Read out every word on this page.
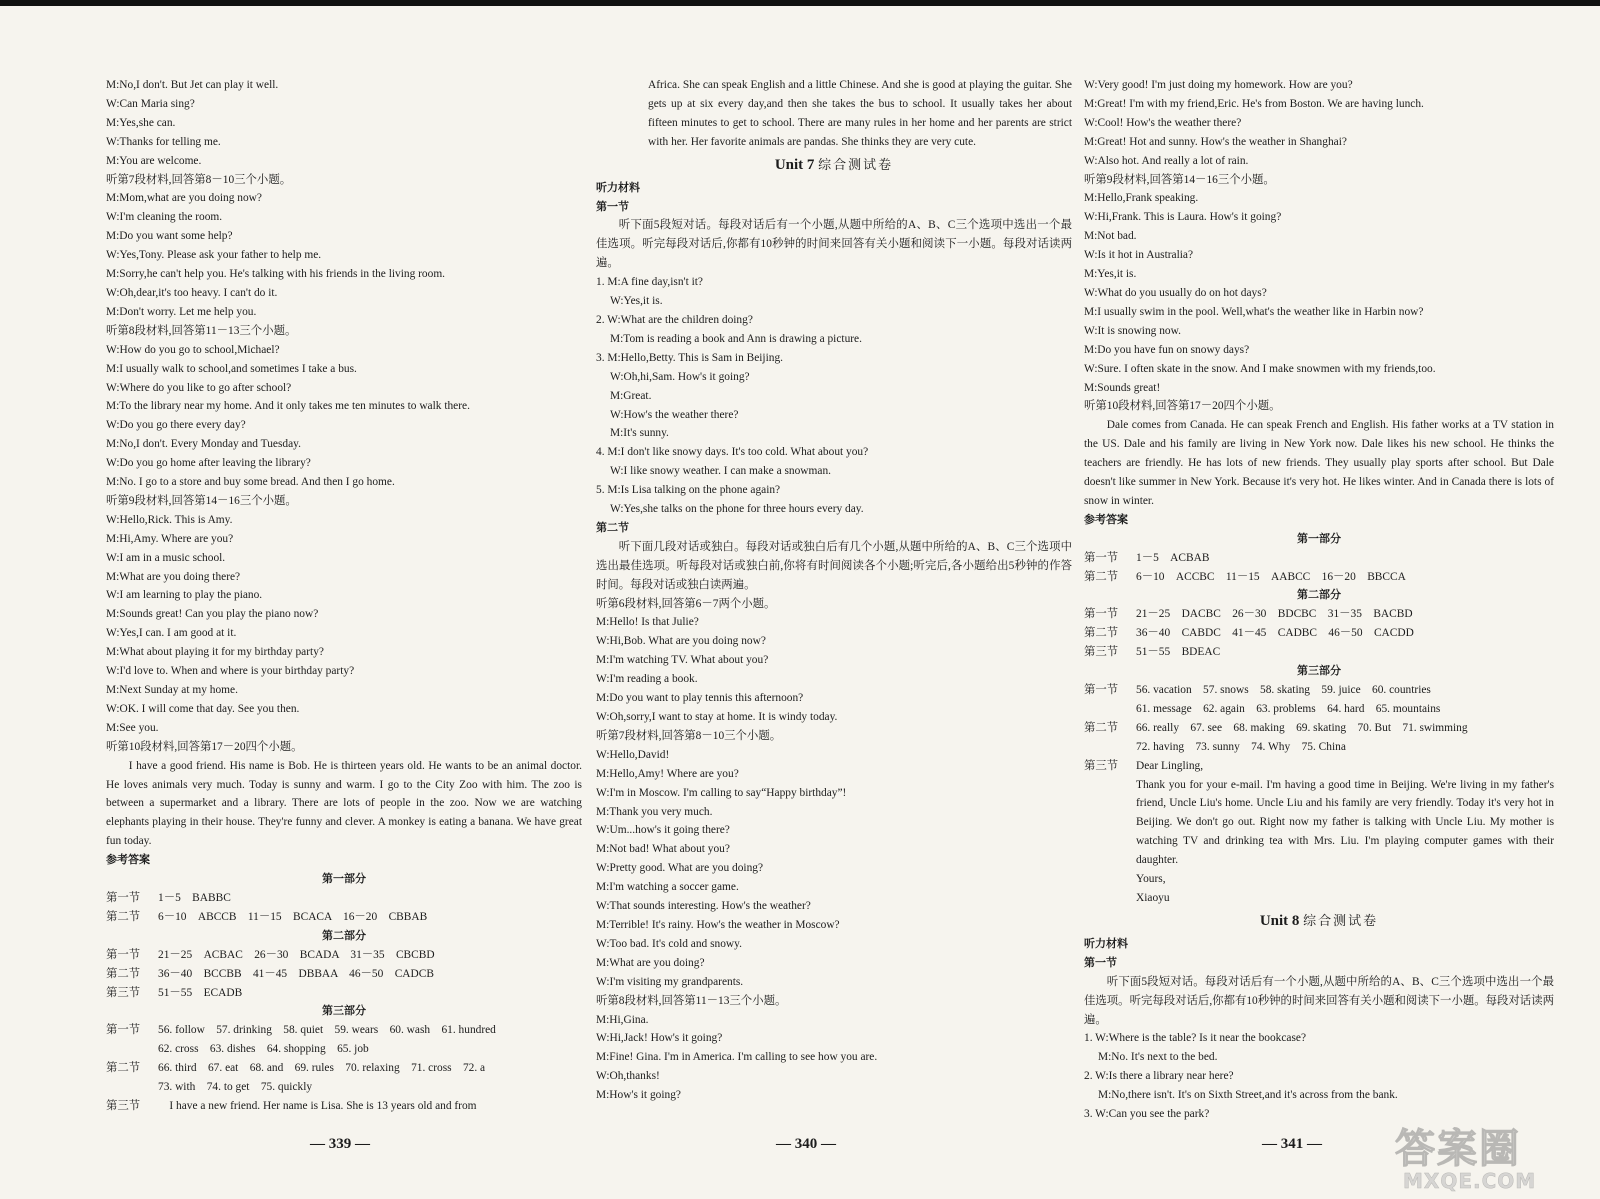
M:No,I don't. But Jet can play it well.
W:Can Maria sing?
M:Yes,she can.
W:Thanks for telling me.
M:You are welcome.
听第7段材料,回答第8－10三个小题。
M:Mom,what are you doing now?
W:I'm cleaning the room.
M:Do you want some help?
W:Yes,Tony. Please ask your father to help me.
M:Sorry,he can't help you. He's talking with his friends in the living room.
W:Oh,dear,it's too heavy. I can't do it.
M:Don't worry. Let me help you.
听第8段材料,回答第11－13三个小题。
W:How do you go to school,Michael?
M:I usually walk to school,and sometimes I take a bus.
W:Where do you like to go after school?
M:To the library near my home. And it only takes me ten minutes to walk there.
W:Do you go there every day?
M:No,I don't. Every Monday and Tuesday.
W:Do you go home after leaving the library?
M:No. I go to a store and buy some bread. And then I go home.
听第9段材料,回答第14－16三个小题。
W:Hello,Rick. This is Amy.
M:Hi,Amy. Where are you?
W:I am in a music school.
M:What are you doing there?
W:I am learning to play the piano.
M:Sounds great! Can you play the piano now?
W:Yes,I can. I am good at it.
M:What about playing it for my birthday party?
W:I'd love to. When and where is your birthday party?
M:Next Sunday at my home.
W:OK. I will come that day. See you then.
M:See you.
听第10段材料,回答第17－20四个小题。
I have a good friend. His name is Bob. He is thirteen years old. He wants to be an animal doctor. He loves animals very much. Today is sunny and warm. I go to the City Zoo with him. The zoo is between a supermarket and a library. There are lots of people in the zoo. Now we are watching elephants playing in their house. They're funny and clever. A monkey is eating a banana. We have great fun today.
参考答案
第一部分
第一节	1－5　BABBC
第二节	6－10　ABCCB　11－15　BCACA　16－20　CBBAB
第二部分
第一节	21－25　ACBAC　26－30　BCADA　31－35　CBCBD
第二节	36－40　BCCBB　41－45　DBBAA　46－50　CADCB
第三节	51－55　ECADB
第三部分
第一节	56. follow　57. drinking　58. quiet　59. wears　60. wash　61. hundred
62. cross　63. dishes　64. shopping　65. job
第二节	66. third　67. eat　68. and　69. rules　70. relaxing　71. cross　72. a
73. with　74. to get　75. quickly
第三节	　I have a new friend. Her name is Lisa. She is 13 years old and from
Africa. She can speak English and a little Chinese. And she is good at playing the guitar. She gets up at six every day,and then she takes the bus to school. It usually takes her about fifteen minutes to get to school. There are many rules in her home and her parents are strict with her. Her favorite animals are pandas. She thinks they are very cute.
Unit 7 综合测试卷
听力材料
第一节
听下面5段短对话。每段对话后有一个小题,从题中所给的A、B、C三个选项中选出一个最佳选项。听完每段对话后,你都有10秒钟的时间来回答有关小题和阅读下一小题。每段对话读两遍。
1. M:A fine day,isn't it?
W:Yes,it is.
2. W:What are the children doing?
M:Tom is reading a book and Ann is drawing a picture.
3. M:Hello,Betty. This is Sam in Beijing.
W:Oh,hi,Sam. How's it going?
M:Great.
W:How's the weather there?
M:It's sunny.
4. M:I don't like snowy days. It's too cold. What about you?
W:I like snowy weather. I can make a snowman.
5. M:Is Lisa talking on the phone again?
W:Yes,she talks on the phone for three hours every day.
第二节
听下面几段对话或独白。每段对话或独白后有几个小题,从题中所给的A、B、C三个选项中选出最佳选项。听每段对话或独白前,你将有时间阅读各个小题;听完后,各小题给出5秒钟的作答时间。每段对话或独白读两遍。
听第6段材料,回答第6－7两个小题。
M:Hello! Is that Julie?
W:Hi,Bob. What are you doing now?
M:I'm watching TV. What about you?
W:I'm reading a book.
M:Do you want to play tennis this afternoon?
W:Oh,sorry,I want to stay at home. It is windy today.
听第7段材料,回答第8－10三个小题。
W:Hello,David!
M:Hello,Amy! Where are you?
W:I'm in Moscow. I'm calling to say“Happy birthday”!
M:Thank you very much.
W:Um...how's it going there?
M:Not bad! What about you?
W:Pretty good. What are you doing?
M:I'm watching a soccer game.
W:That sounds interesting. How's the weather?
M:Terrible! It's rainy. How's the weather in Moscow?
W:Too bad. It's cold and snowy.
M:What are you doing?
W:I'm visiting my grandparents.
听第8段材料,回答第11－13三个小题。
M:Hi,Gina.
W:Hi,Jack! How's it going?
M:Fine! Gina. I'm in America. I'm calling to see how you are.
W:Oh,thanks!
M:How's it going?
W:Very good! I'm just doing my homework. How are you?
M:Great! I'm with my friend,Eric. He's from Boston. We are having lunch.
W:Cool! How's the weather there?
M:Great! Hot and sunny. How's the weather in Shanghai?
W:Also hot. And really a lot of rain.
听第9段材料,回答第14－16三个小题。
M:Hello,Frank speaking.
W:Hi,Frank. This is Laura. How's it going?
M:Not bad.
W:Is it hot in Australia?
M:Yes,it is.
W:What do you usually do on hot days?
M:I usually swim in the pool. Well,what's the weather like in Harbin now?
W:It is snowing now.
M:Do you have fun on snowy days?
W:Sure. I often skate in the snow. And I make snowmen with my friends,too.
M:Sounds great!
听第10段材料,回答第17－20四个小题。
Dale comes from Canada. He can speak French and English. His father works at a TV station in the US. Dale and his family are living in New York now. Dale likes his new school. He thinks the teachers are friendly. He has lots of new friends. They usually play sports after school. But Dale doesn't like summer in New York. Because it's very hot. He likes winter. And in Canada there is lots of snow in winter.
参考答案
第一部分
第一节	1－5　ACBAB
第二节	6－10　ACCBC　11－15　AABCC　16－20　BBCCA
第二部分
第一节	21－25　DACBC　26－30　BDCBC　31－35　BACBD
第二节	36－40　CABDC　41－45　CADBC　46－50　CACDD
第三节	51－55　BDEAC
第三部分
第一节	56. vacation　57. snows　58. skating　59. juice　60. countries
61. message　62. again　63. problems　64. hard　65. mountains
第二节	66. really　67. see　68. making　69. skating　70. But　71. swimming
72. having　73. sunny　74. Why　75. China
第三节	Dear Lingling,
Thank you for your e-mail. I'm having a good time in Beijing. We're living in my father's friend, Uncle Liu's home. Uncle Liu and his family are very friendly. Today it's very hot in Beijing. We don't go out. Right now my father is talking with Uncle Liu. My mother is watching TV and drinking tea with Mrs. Liu. I'm playing computer games with their daughter.
Yours,
Xiaoyu
Unit 8 综合测试卷
听力材料
第一节
听下面5段短对话。每段对话后有一个小题,从题中所给的A、B、C三个选项中选出一个最佳选项。听完每段对话后,你都有10秒钟的时间来回答有关小题和阅读下一小题。每段对话读两遍。
1. W:Where is the table? Is it near the bookcase?
M:No. It's next to the bed.
2. W:Is there a library near here?
M:No,there isn't. It's on Sixth Street,and it's across from the bank.
3. W:Can you see the park?
— 339 —	— 340 —	— 341 — 答案圈
MXQE.COM
